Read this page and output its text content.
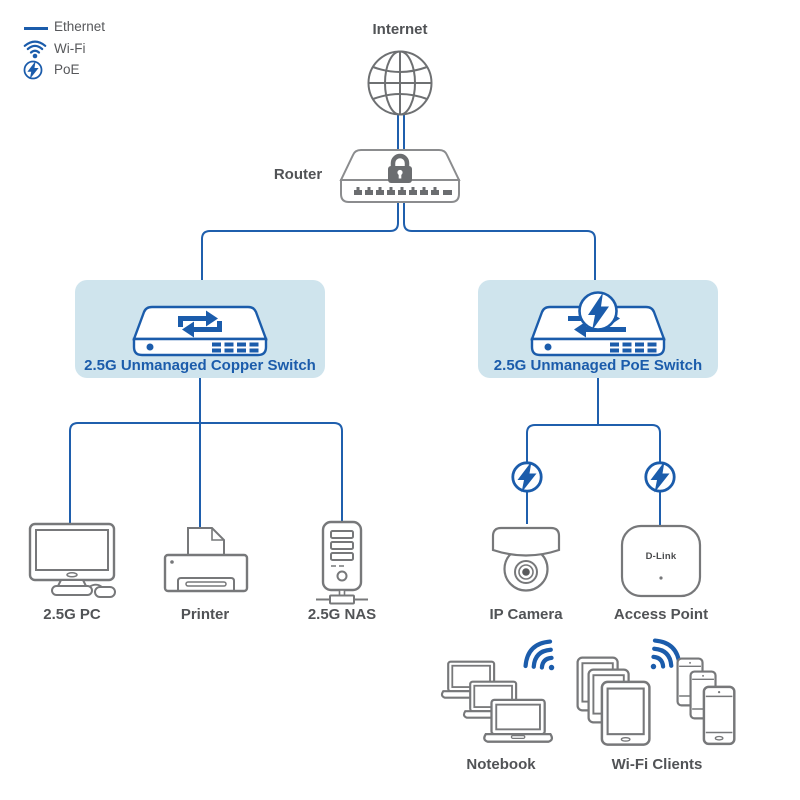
Ethernet
Wi-Fi
PoE
Internet
Router
2.5G Unmanaged Copper Switch	2.5G Unmanaged PoE Switch
2.5G PC	Printer	2.5G NAS	IP Camera
D-Link
Access Point
Notebook	Wi-Fi Clients
